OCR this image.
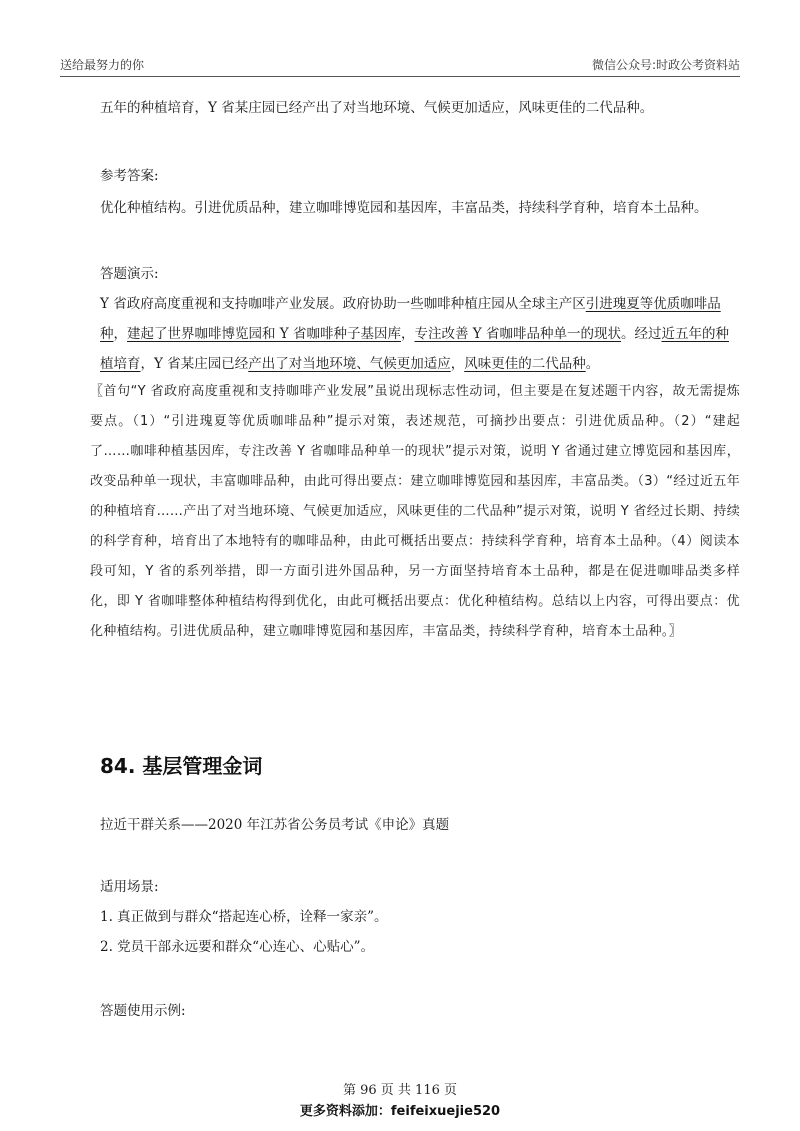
送给最努力的你	微信公众号:时政公考资料站

五年的种植培育，Y 省某庄园已经产出了对当地环境、气候更加适应，风味更佳的二代品种。

参考答案:

优化种植结构。引进优质品种，建立咖啡博览园和基因库，丰富品类，持续科学育种，培育本土品种。

答题演示:

Y 省政府高度重视和支持咖啡产业发展。政府协助一些咖啡种植庄园从全球主产区引进瑰夏等优质咖啡品种，建起了世界咖啡博览园和 Y 省咖啡种子基因库，专注改善 Y 省咖啡品种单一的现状。经过近五年的种植培育，Y 省某庄园已经产出了对当地环境、气候更加适应，风味更佳的二代品种。

〖首句“Y 省政府高度重视和支持咖啡产业发展”虽说出现标志性动词，但主要是在复述题干内容，故无需提炼要点。（1）“引进瑰夏等优质咖啡品种”提示对策，表述规范，可摘抄出要点：引进优质品种。（2）“建起了……咖啡种植基因库，专注改善 Y 省咖啡品种单一的现状”提示对策，说明 Y 省通过建立博览园和基因库，改变品种单一现状，丰富咖啡品种，由此可得出要点：建立咖啡博览园和基因库，丰富品类。（3）“经过近五年的种植培育……产出了对当地环境、气候更加适应，风味更佳的二代品种”提示对策，说明 Y 省经过长期、持续的科学育种，培育出了本地特有的咖啡品种，由此可概括出要点：持续科学育种，培育本土品种。（4）阅读本段可知，Y 省的系列举措，即一方面引进外国品种，另一方面坚持培育本土品种，都是在促进咖啡品类多样化，即 Y 省咖啡整体种植结构得到优化，由此可概括出要点：优化种植结构。总结以上内容，可得出要点：优化种植结构。引进优质品种，建立咖啡博览园和基因库，丰富品类，持续科学育种，培育本土品种。〗

84. 基层管理金词

拉近干群关系——2020 年江苏省公务员考试《申论》真题

适用场景:

1. 真正做到与群众“搭起连心桥，诠释一家亲”。

2. 党员干部永远要和群众“心连心、心贴心”。

答题使用示例:

第 96 页 共 116 页
更多资料添加：feifeixuejie520
